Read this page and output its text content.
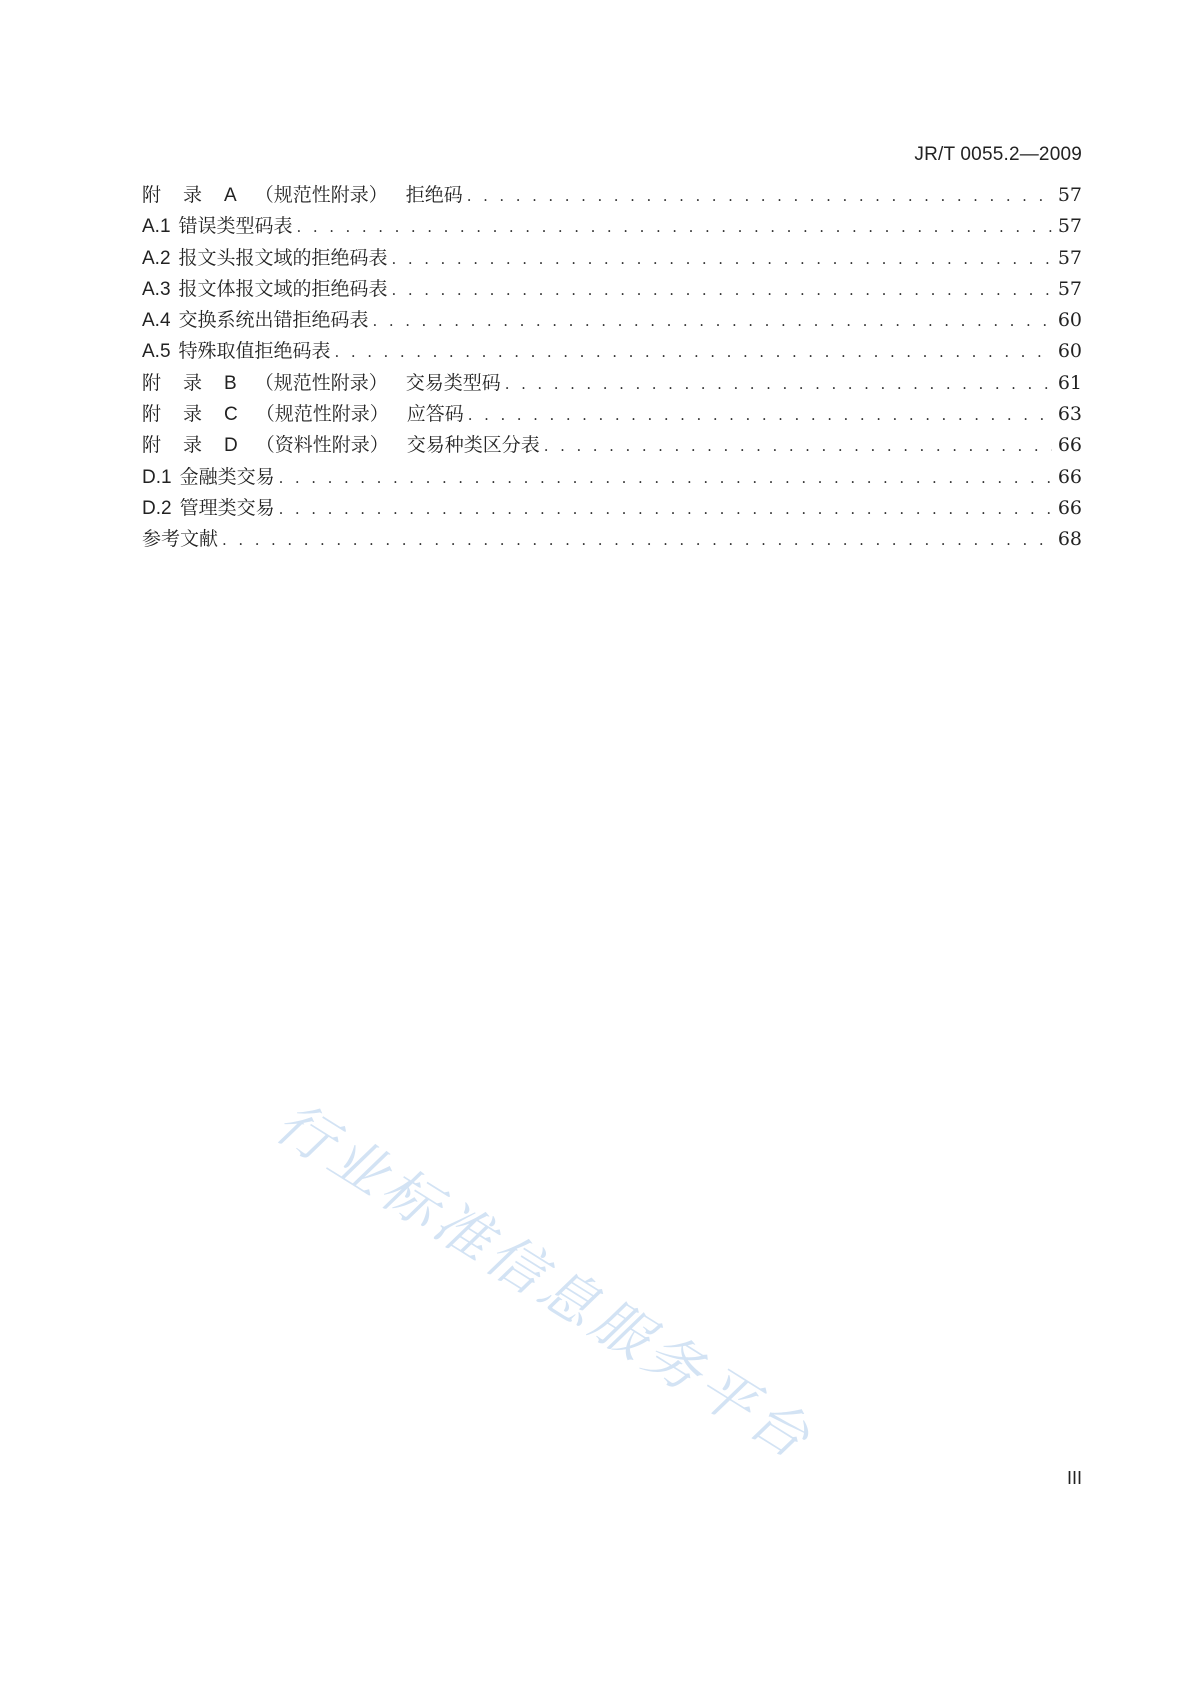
JR/T 0055.2—2009
附 录 A （规范性附录） 拒绝码 . . .	57
A.1 错误类型码表 . . .	57
A.2 报文头报文域的拒绝码表 . . .	57
A.3 报文体报文域的拒绝码表 . . .	57
A.4 交换系统出错拒绝码表 . . .	60
A.5 特殊取值拒绝码表 . . .	60
附 录 B （规范性附录） 交易类型码 . . .	61
附 录 C （规范性附录） 应答码 . . .	63
附 录 D （资料性附录） 交易种类区分表 . . .	66
D.1 金融类交易 . . .	66
D.2 管理类交易 . . .	66
参考文献 . . .	68
行业标准信息服务平台
III
